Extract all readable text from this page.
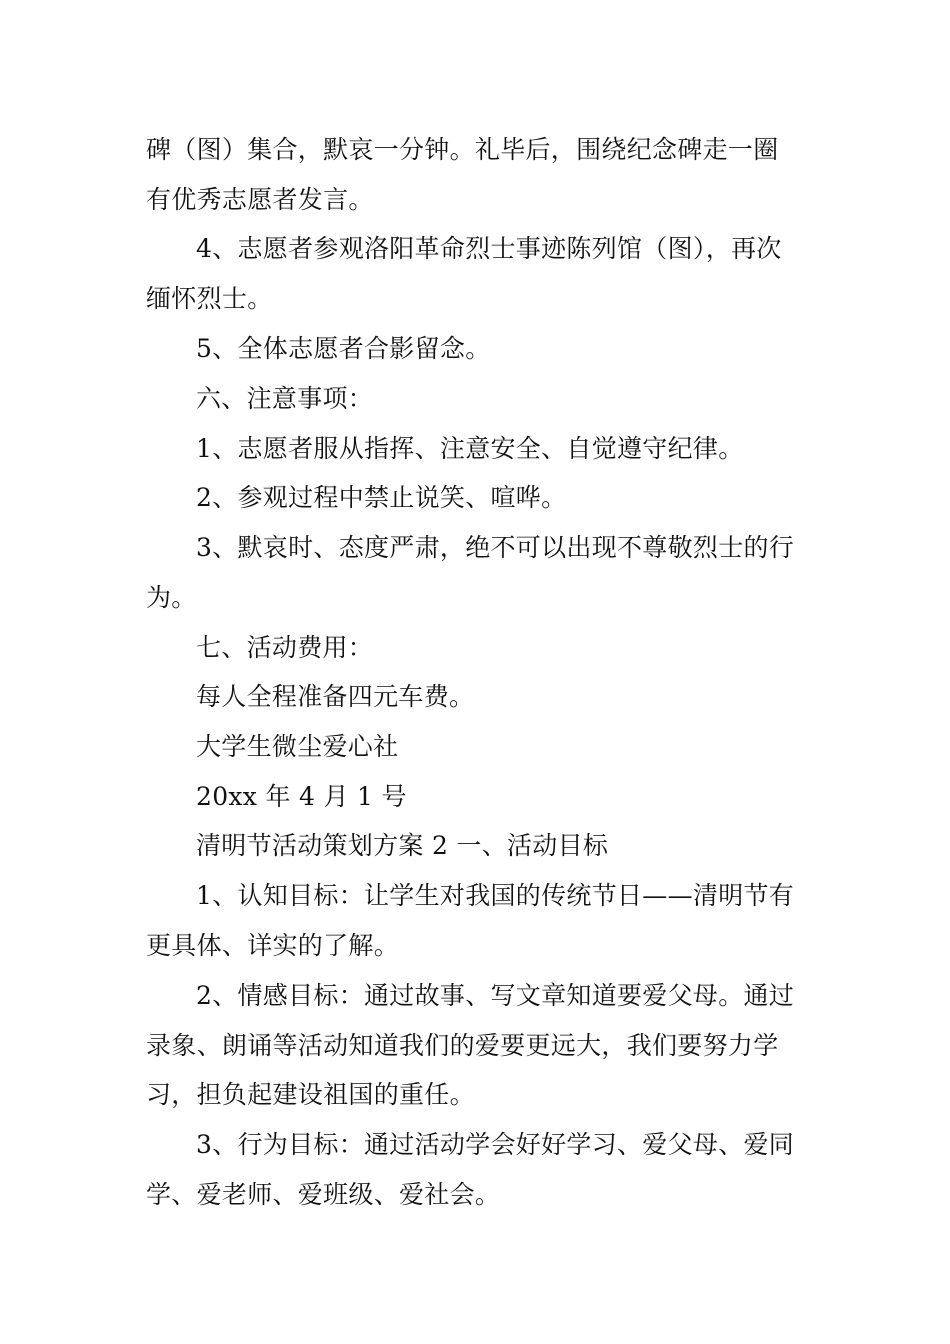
碑（图）集合，默哀一分钟。礼毕后，围绕纪念碑走一圈
有优秀志愿者发言。
4、志愿者参观洛阳革命烈士事迹陈列馆（图），再次
缅怀烈士。
5、全体志愿者合影留念。
六、注意事项：
1、志愿者服从指挥、注意安全、自觉遵守纪律。
2、参观过程中禁止说笑、喧哗。
3、默哀时、态度严肃，绝不可以出现不尊敬烈士的行
为。
七、活动费用：
每人全程准备四元车费。
大学生微尘爱心社
20xx 年 4 月 1 号
清明节活动策划方案 2 一、活动目标
1、认知目标：让学生对我国的传统节日——清明节有
更具体、详实的了解。
2、情感目标：通过故事、写文章知道要爱父母。通过
录象、朗诵等活动知道我们的爱要更远大，我们要努力学
习，担负起建设祖国的重任。
3、行为目标：通过活动学会好好学习、爱父母、爱同
学、爱老师、爱班级、爱社会。
